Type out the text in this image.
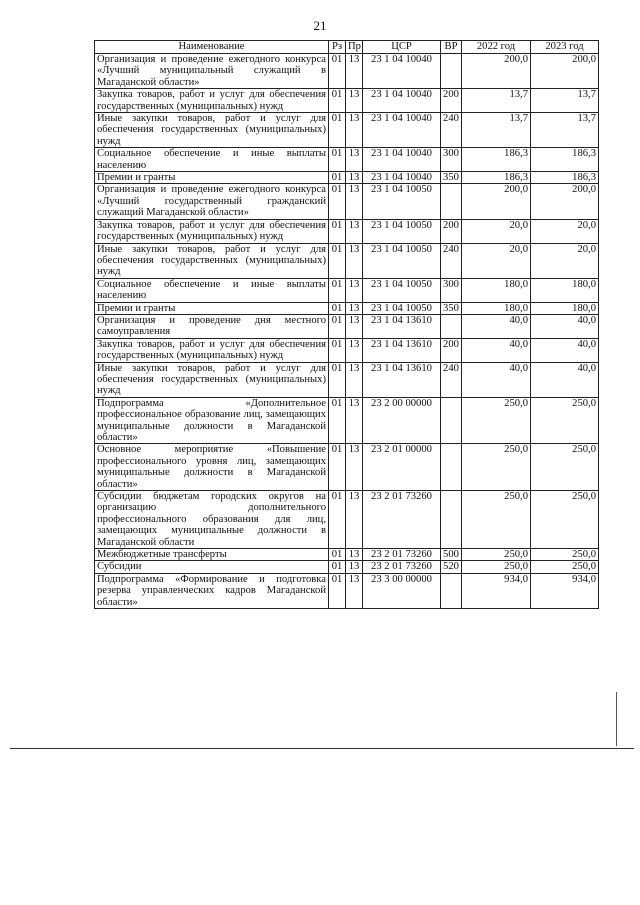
21
Наименование	Рз	Пр	ЦСР	ВР	2022 год	2023 год
Организация и проведение ежегодного конкурса «Лучший муниципальный служащий в Магаданской области»	01	13	23 1 04 10040		200,0	200,0
Закупка товаров, работ и услуг для обеспечения государственных (муниципальных) нужд	01	13	23 1 04 10040	200	13,7	13,7
Иные закупки товаров, работ и услуг для обеспечения государственных (муниципальных) нужд	01	13	23 1 04 10040	240	13,7	13,7
Социальное обеспечение и иные выплаты населению	01	13	23 1 04 10040	300	186,3	186,3
Премии и гранты	01	13	23 1 04 10040	350	186,3	186,3
Организация и проведение ежегодного конкурса «Лучший государственный гражданский служащий Магаданской области»	01	13	23 1 04 10050		200,0	200,0
Закупка товаров, работ и услуг для обеспечения государственных (муниципальных) нужд	01	13	23 1 04 10050	200	20,0	20,0
Иные закупки товаров, работ и услуг для обеспечения государственных (муниципальных) нужд	01	13	23 1 04 10050	240	20,0	20,0
Социальное обеспечение и иные выплаты населению	01	13	23 1 04 10050	300	180,0	180,0
Премии и гранты	01	13	23 1 04 10050	350	180,0	180,0
Организация и проведение дня местного самоуправления	01	13	23 1 04 13610		40,0	40,0
Закупка товаров, работ и услуг для обеспечения государственных (муниципальных) нужд	01	13	23 1 04 13610	200	40,0	40,0
Иные закупки товаров, работ и услуг для обеспечения государственных (муниципальных) нужд	01	13	23 1 04 13610	240	40,0	40,0
Подпрограмма «Дополнительное профессиональное образование лиц, замещающих муниципальные должности в Магаданской области»	01	13	23 2 00 00000		250,0	250,0
Основное мероприятие «Повышение профессионального уровня лиц, замещающих муниципальные должности в Магаданской области»	01	13	23 2 01 00000		250,0	250,0
Субсидии бюджетам городских округов на организацию дополнительного профессионального образования для лиц, замещающих муниципальные должности в Магаданской области	01	13	23 2 01 73260		250,0	250,0
Межбюджетные трансферты	01	13	23 2 01 73260	500	250,0	250,0
Субсидии	01	13	23 2 01 73260	520	250,0	250,0
Подпрограмма «Формирование и подготовка резерва управленческих кадров Магаданской области»	01	13	23 3 00 00000		934,0	934,0
